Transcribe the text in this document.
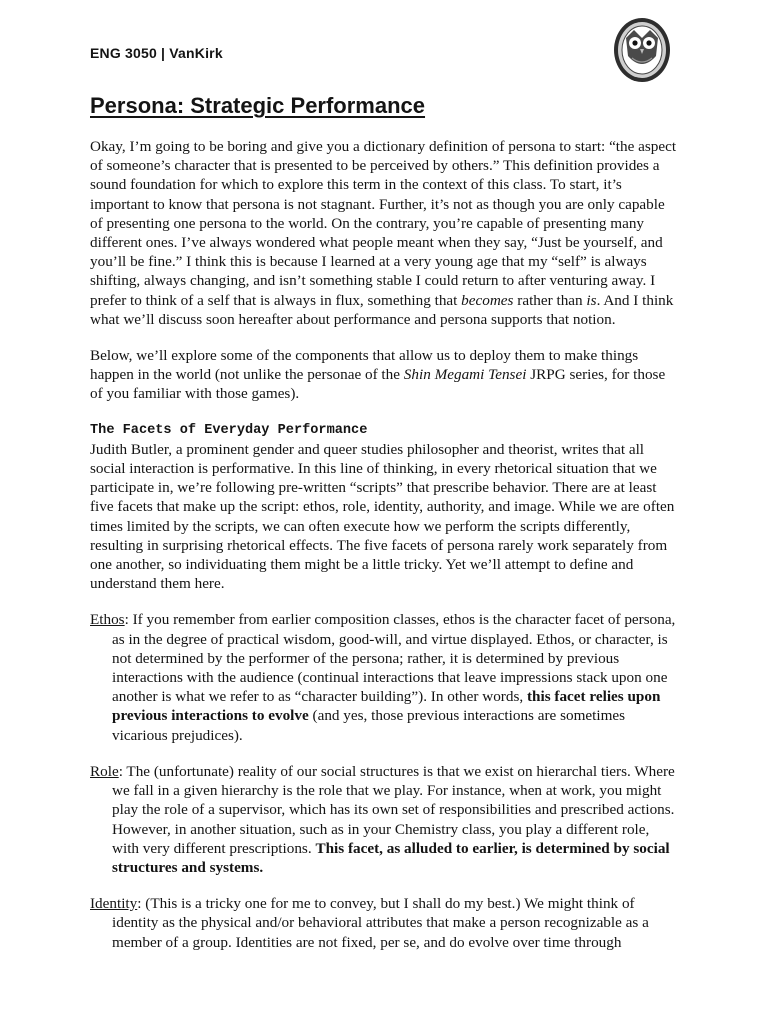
ENG 3050 | VanKirk
Persona: Strategic Performance

Okay, I’m going to be boring and give you a dictionary definition of persona to start: “the aspect of someone’s character that is presented to be perceived by others.” This definition provides a sound foundation for which to explore this term in the context of this class. To start, it’s important to know that persona is not stagnant. Further, it’s not as though you are only capable of presenting one persona to the world. On the contrary, you’re capable of presenting many different ones. I’ve always wondered what people meant when they say, “Just be yourself, and you’ll be fine.” I think this is because I learned at a very young age that my “self” is always shifting, always changing, and isn’t something stable I could return to after venturing away. I prefer to think of a self that is always in flux, something that becomes rather than is. And I think what we’ll discuss soon hereafter about performance and persona supports that notion.

Below, we’ll explore some of the components that allow us to deploy them to make things happen in the world (not unlike the personae of the Shin Megami Tensei JRPG series, for those of you familiar with those games).

The Facets of Everyday Performance
Judith Butler, a prominent gender and queer studies philosopher and theorist, writes that all social interaction is performative. In this line of thinking, in every rhetorical situation that we participate in, we’re following pre-written “scripts” that prescribe behavior. There are at least five facets that make up the script: ethos, role, identity, authority, and image. While we are often times limited by the scripts, we can often execute how we perform the scripts differently, resulting in surprising rhetorical effects. The five facets of persona rarely work separately from one another, so individuating them might be a little tricky. Yet we’ll attempt to define and understand them here.

Ethos: If you remember from earlier composition classes, ethos is the character facet of persona, as in the degree of practical wisdom, good-will, and virtue displayed. Ethos, or character, is not determined by the performer of the persona; rather, it is determined by previous interactions with the audience (continual interactions that leave impressions stack upon one another is what we refer to as “character building”). In other words, this facet relies upon previous interactions to evolve (and yes, those previous interactions are sometimes vicarious prejudices).

Role: The (unfortunate) reality of our social structures is that we exist on hierarchal tiers. Where we fall in a given hierarchy is the role that we play. For instance, when at work, you might play the role of a supervisor, which has its own set of responsibilities and prescribed actions. However, in another situation, such as in your Chemistry class, you play a different role, with very different prescriptions. This facet, as alluded to earlier, is determined by social structures and systems.

Identity: (This is a tricky one for me to convey, but I shall do my best.) We might think of identity as the physical and/or behavioral attributes that make a person recognizable as a member of a group. Identities are not fixed, per se, and do evolve over time through
